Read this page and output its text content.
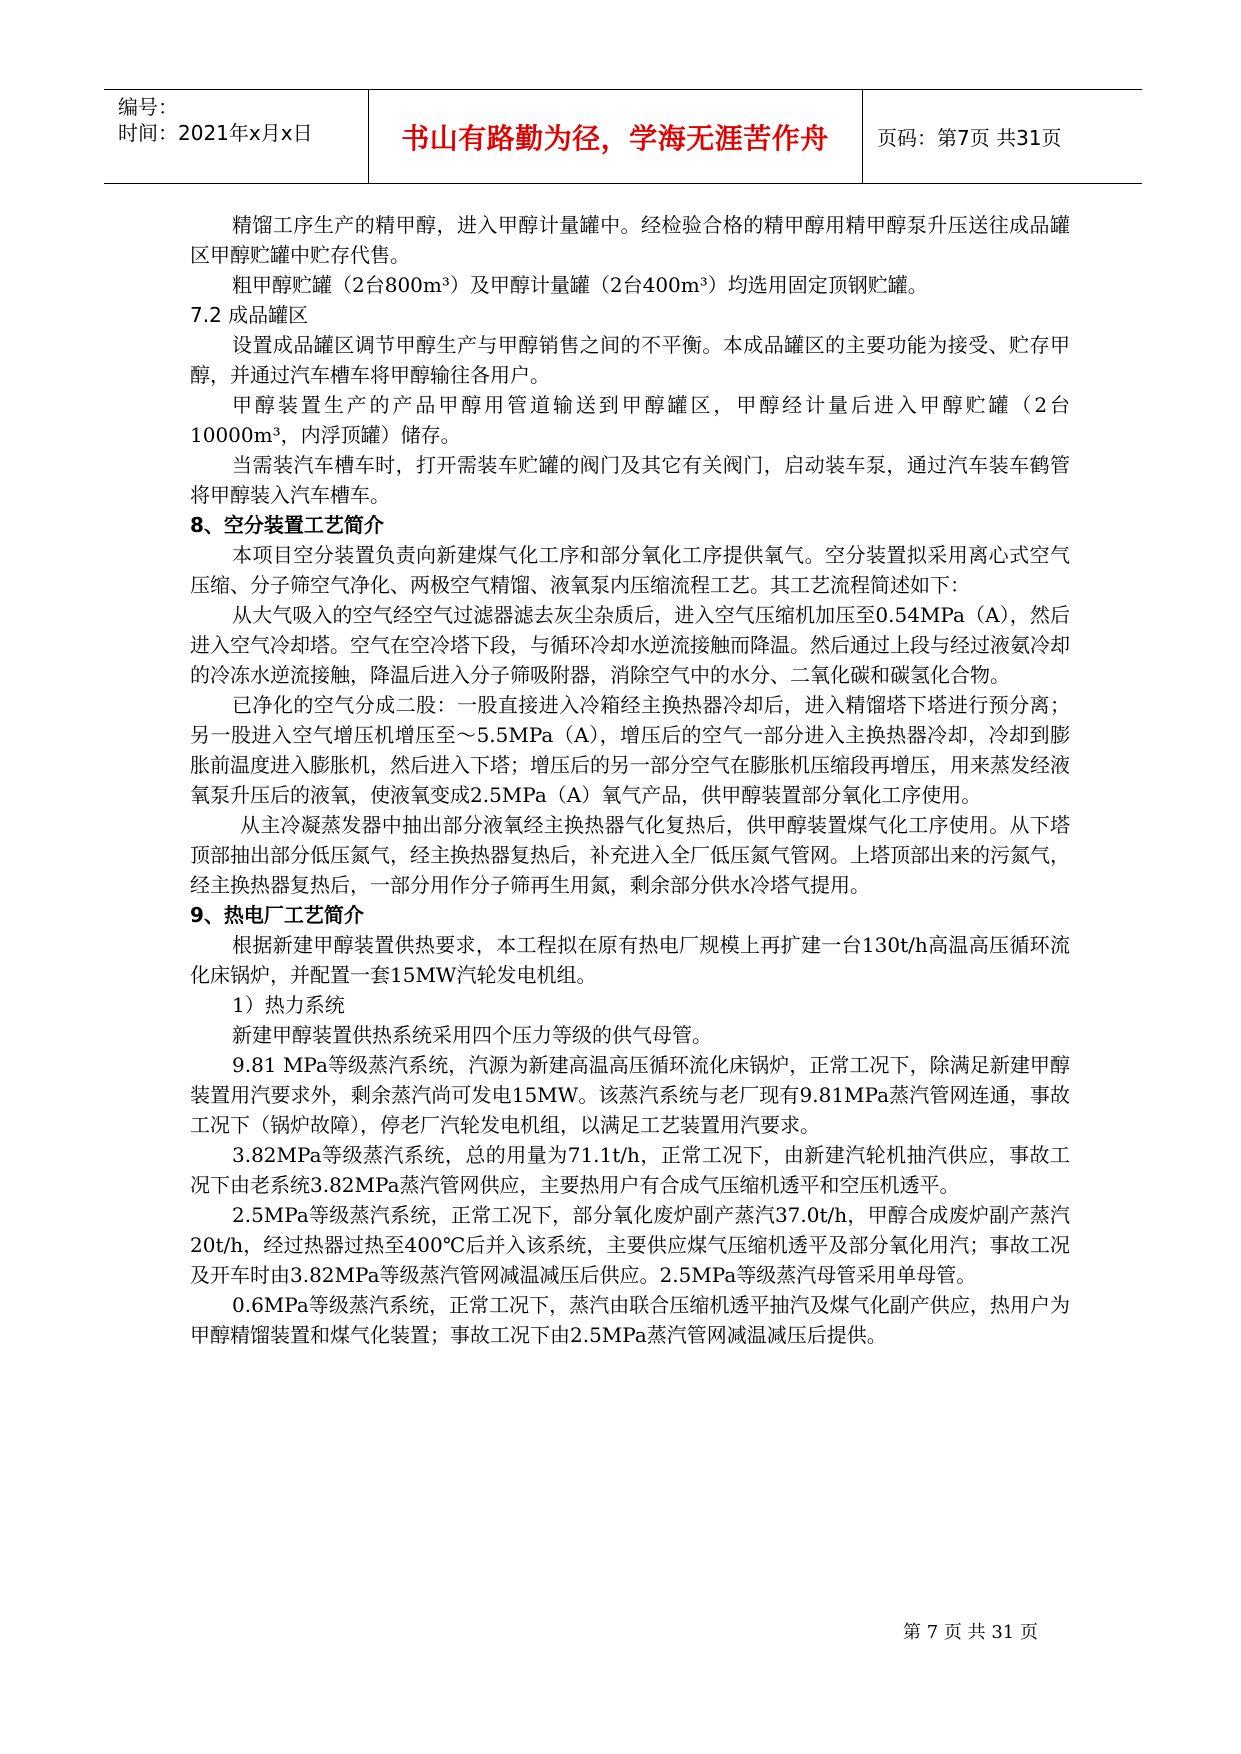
编号：
时间：2021年x月x日	书山有路勤为径，学海无涯苦作舟 页码：第7页 共31页

精馏工序生产的精甲醇，进入甲醇计量罐中。经检验合格的精甲醇用精甲醇泵升压送往成品罐区甲醇贮罐中贮存代售。

粗甲醇贮罐（2台800m³）及甲醇计量罐（2台400m³）均选用固定顶钢贮罐。

7.2 成品罐区

设置成品罐区调节甲醇生产与甲醇销售之间的不平衡。本成品罐区的主要功能为接受、贮存甲醇，并通过汽车槽车将甲醇输往各用户。

甲醇装置生产的产品甲醇用管道输送到甲醇罐区，甲醇经计量后进入甲醇贮罐（2台10000m³，内浮顶罐）储存。

当需装汽车槽车时，打开需装车贮罐的阀门及其它有关阀门，启动装车泵，通过汽车装车鹤管将甲醇装入汽车槽车。

8、空分装置工艺简介

本项目空分装置负责向新建煤气化工序和部分氧化工序提供氧气。空分装置拟采用离心式空气压缩、分子筛空气净化、两极空气精馏、液氧泵内压缩流程工艺。其工艺流程简述如下：

从大气吸入的空气经空气过滤器滤去灰尘杂质后，进入空气压缩机加压至0.54MPa（A），然后进入空气冷却塔。空气在空冷塔下段，与循环冷却水逆流接触而降温。然后通过上段与经过液氨冷却的冷冻水逆流接触，降温后进入分子筛吸附器，消除空气中的水分、二氧化碳和碳氢化合物。

已净化的空气分成二股：一股直接进入冷箱经主换热器冷却后，进入精馏塔下塔进行预分离；另一股进入空气增压机增压至～5.5MPa（A），增压后的空气一部分进入主换热器冷却，冷却到膨胀前温度进入膨胀机，然后进入下塔；增压后的另一部分空气在膨胀机压缩段再增压，用来蒸发经液氧泵升压后的液氧，使液氧变成2.5MPa（A）氧气产品，供甲醇装置部分氧化工序使用。

从主冷凝蒸发器中抽出部分液氧经主换热器气化复热后，供甲醇装置煤气化工序使用。从下塔顶部抽出部分低压氮气，经主换热器复热后，补充进入全厂低压氮气管网。上塔顶部出来的污氮气，经主换热器复热后，一部分用作分子筛再生用氮，剩余部分供水冷塔气提用。

9、热电厂工艺简介

根据新建甲醇装置供热要求，本工程拟在原有热电厂规模上再扩建一台130t/h高温高压循环流化床锅炉，并配置一套15MW汽轮发电机组。

1）热力系统

新建甲醇装置供热系统采用四个压力等级的供气母管。

9.81 MPa等级蒸汽系统，汽源为新建高温高压循环流化床锅炉，正常工况下，除满足新建甲醇装置用汽要求外，剩余蒸汽尚可发电15MW。该蒸汽系统与老厂现有9.81MPa蒸汽管网连通，事故工况下（锅炉故障），停老厂汽轮发电机组，以满足工艺装置用汽要求。

3.82MPa等级蒸汽系统，总的用量为71.1t/h，正常工况下，由新建汽轮机抽汽供应，事故工况下由老系统3.82MPa蒸汽管网供应，主要热用户有合成气压缩机透平和空压机透平。

2.5MPa等级蒸汽系统，正常工况下，部分氧化废炉副产蒸汽37.0t/h，甲醇合成废炉副产蒸汽20t/h，经过热器过热至400℃后并入该系统，主要供应煤气压缩机透平及部分氧化用汽；事故工况及开车时由3.82MPa等级蒸汽管网减温减压后供应。2.5MPa等级蒸汽母管采用单母管。

0.6MPa等级蒸汽系统，正常工况下，蒸汽由联合压缩机透平抽汽及煤气化副产供应，热用户为甲醇精馏装置和煤气化装置；事故工况下由2.5MPa蒸汽管网减温减压后提供。

第 7 页 共 31 页
